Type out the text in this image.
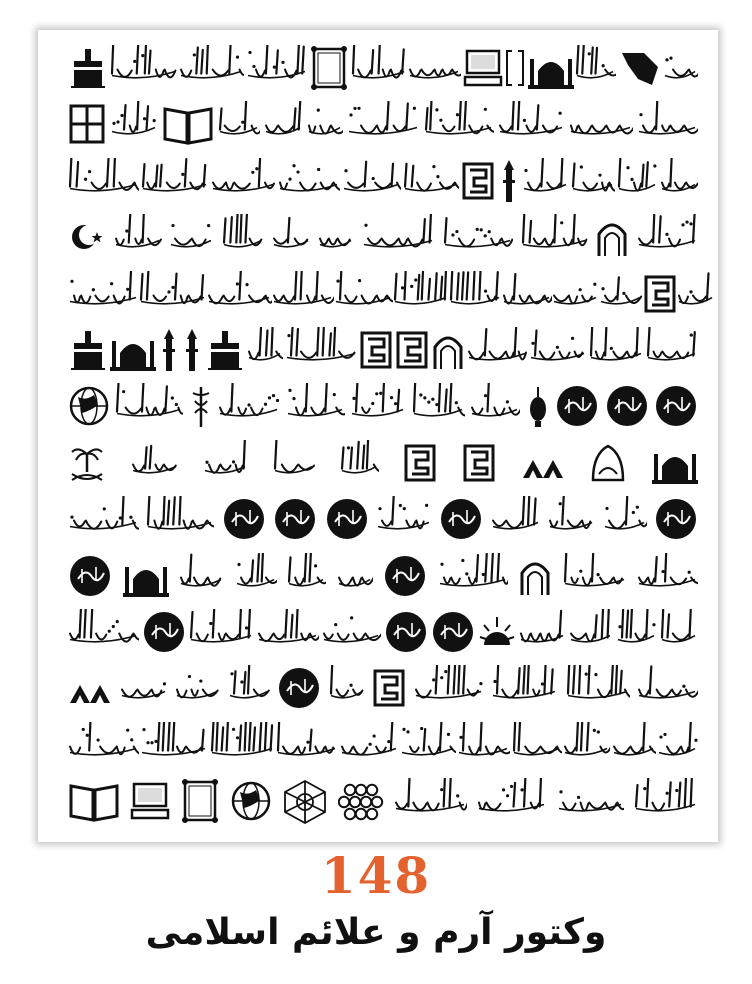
148
وکتور آرم و علائم اسلامی
